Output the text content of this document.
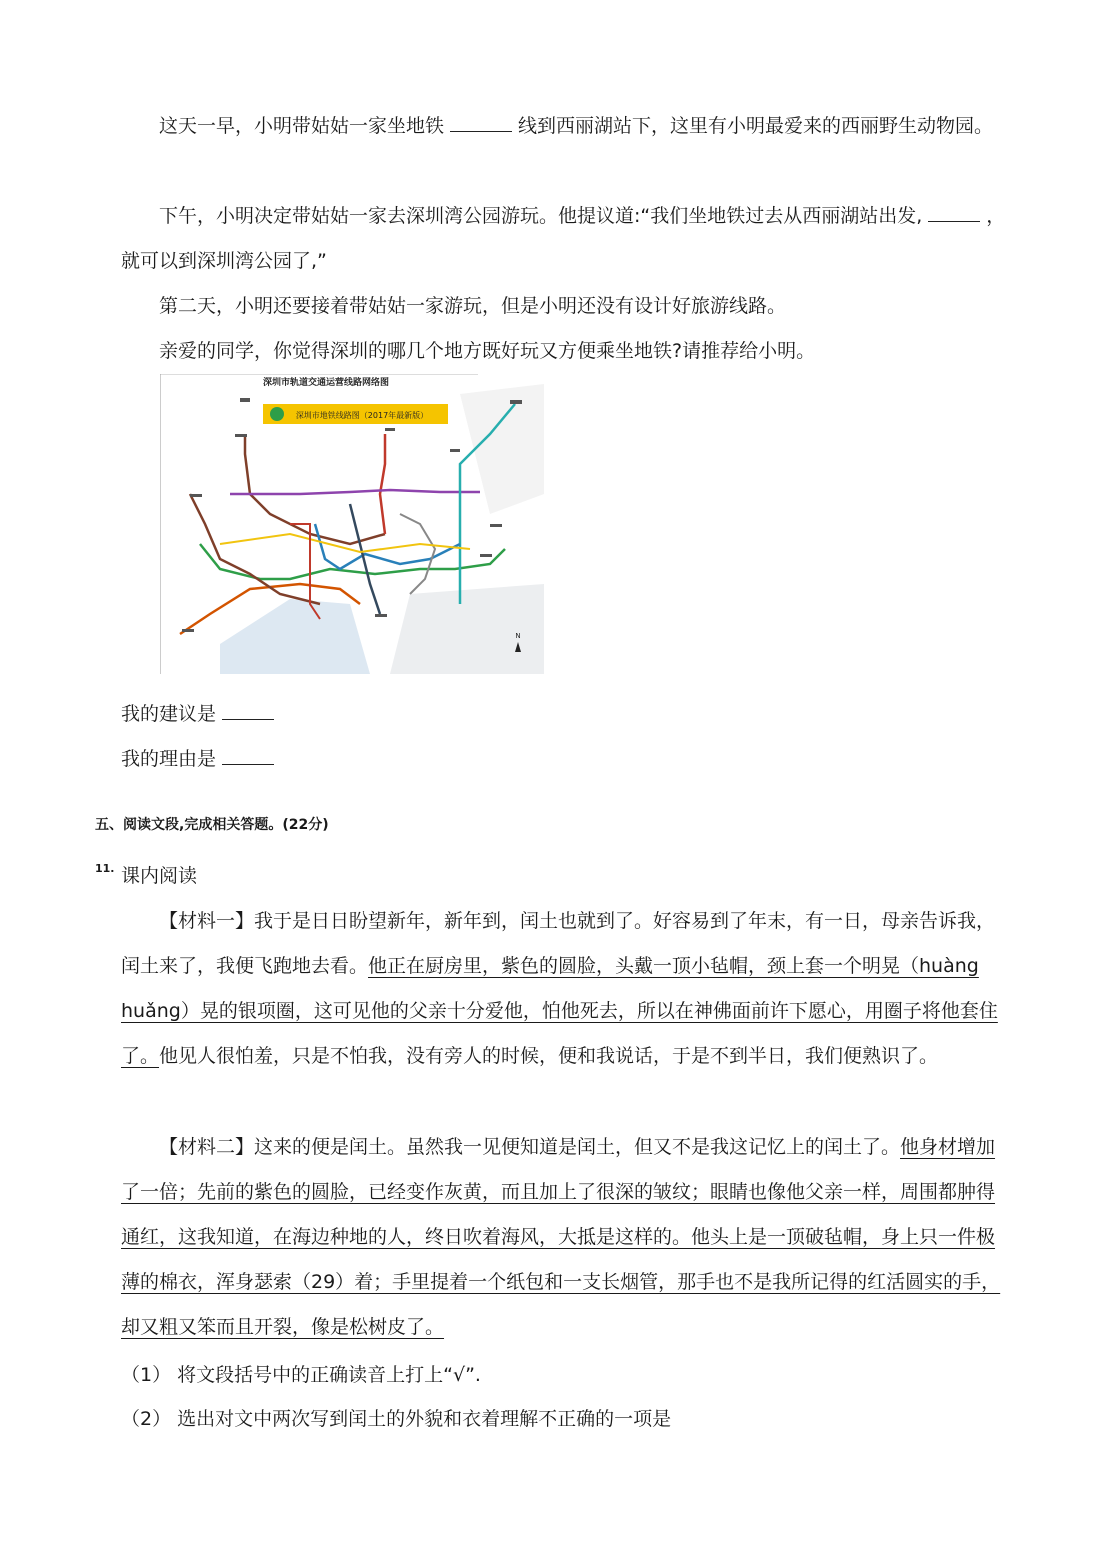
这天一早，小明带姑姑一家坐地铁	线到西丽湖站下，这里有小明最爱来的西丽野生动物园。

下午，小明决定带姑姑一家去深圳湾公园游玩。他提议道:“我们坐地铁过去从西丽湖站出发,	，就可以到深圳湾公园了,”

第二天，小明还要接着带姑姑一家游玩，但是小明还没有设计好旅游线路。

亲爱的同学，你觉得深圳的哪几个地方既好玩又方便乘坐地铁?请推荐给小明。

深圳市轨道交通运营线路网络图
深圳市地铁线路图（2017年最新版）
N

我的建议是

我的理由是

五、阅读文段,完成相关答题。(22分)
11. 课内阅读

【材料一】我于是日日盼望新年，新年到，闰土也就到了。好容易到了年末，有一日，母亲告诉我，闰土来了，我便飞跑地去看。他正在厨房里，紫色的圆脸，头戴一顶小毡帽，颈上套一个明晃（huàng huǎng）晃的银项圈，这可见他的父亲十分爱他，怕他死去，所以在神佛面前许下愿心，用圈子将他套住了。他见人很怕羞，只是不怕我，没有旁人的时候，便和我说话，于是不到半日，我们便熟识了。

【材料二】这来的便是闰土。虽然我一见便知道是闰土，但又不是我这记忆上的闰土了。他身材增加了一倍；先前的紫色的圆脸，已经变作灰黄，而且加上了很深的皱纹；眼睛也像他父亲一样，周围都肿得通红，这我知道，在海边种地的人，终日吹着海风，大抵是这样的。他头上是一顶破毡帽，身上只一件极薄的棉衣，浑身瑟索（29）着；手里提着一个纸包和一支长烟管，那手也不是我所记得的红活圆实的手，却又粗又笨而且开裂，像是松树皮了。

（1） 将文段括号中的正确读音上打上“√”.
（2） 选出对文中两次写到闰土的外貌和衣着理解不正确的一项是
